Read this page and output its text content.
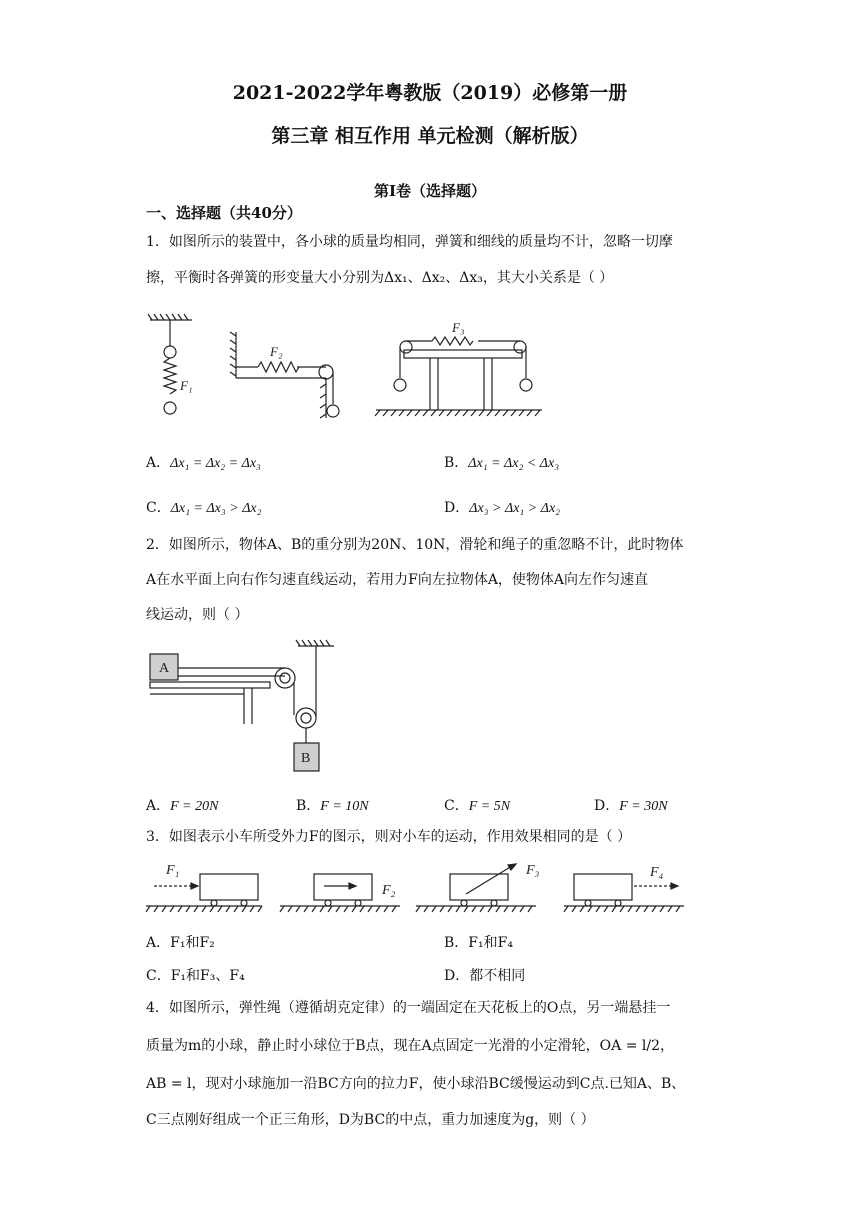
2021-2022学年粤教版（2019）必修第一册
第三章 相互作用 单元检测（解析版）
第Ⅰ卷（选择题）
一、选择题（共40分）
1．如图所示的装置中，各小球的质量均相同，弹簧和细线的质量均不计，忽略一切摩
擦，平衡时各弹簧的形变量大小分别为Δx₁、Δx₂、Δx₃，其大小关系是（ ）
F₁
F₂
F₃
A．Δx₁ = Δx₂ = Δx₃	B．Δx₁ = Δx₂ < Δx₃
C．Δx₁ = Δx₃ > Δx₂	D．Δx₃ > Δx₁ > Δx₂
2．如图所示，物体A、B的重分别为20N、10N，滑轮和绳子的重忽略不计，此时物体
A在水平面上向右作匀速直线运动，若用力F向左拉物体A，使物体A向左作匀速直
线运动，则（ ）
A
B
A．F = 20N	B．F = 10N	C．F = 5N	D．F = 30N
3．如图表示小车所受外力F的图示，则对小车的运动，作用效果相同的是（ ）
F₁
F₂
F₃	F₄
A．F₁和F₂	B．F₁和F₄
C．F₁和F₃、F₄	D．都不相同
4．如图所示，弹性绳（遵循胡克定律）的一端固定在天花板上的O点，另一端悬挂一
质量为m的小球，静止时小球位于B点，现在A点固定一光滑的小定滑轮，OA = l/2，
AB = l，现对小球施加一沿BC方向的拉力F，使小球沿BC缓慢运动到C点.已知A、B、
C三点刚好组成一个正三角形，D为BC的中点，重力加速度为g，则（ ）
